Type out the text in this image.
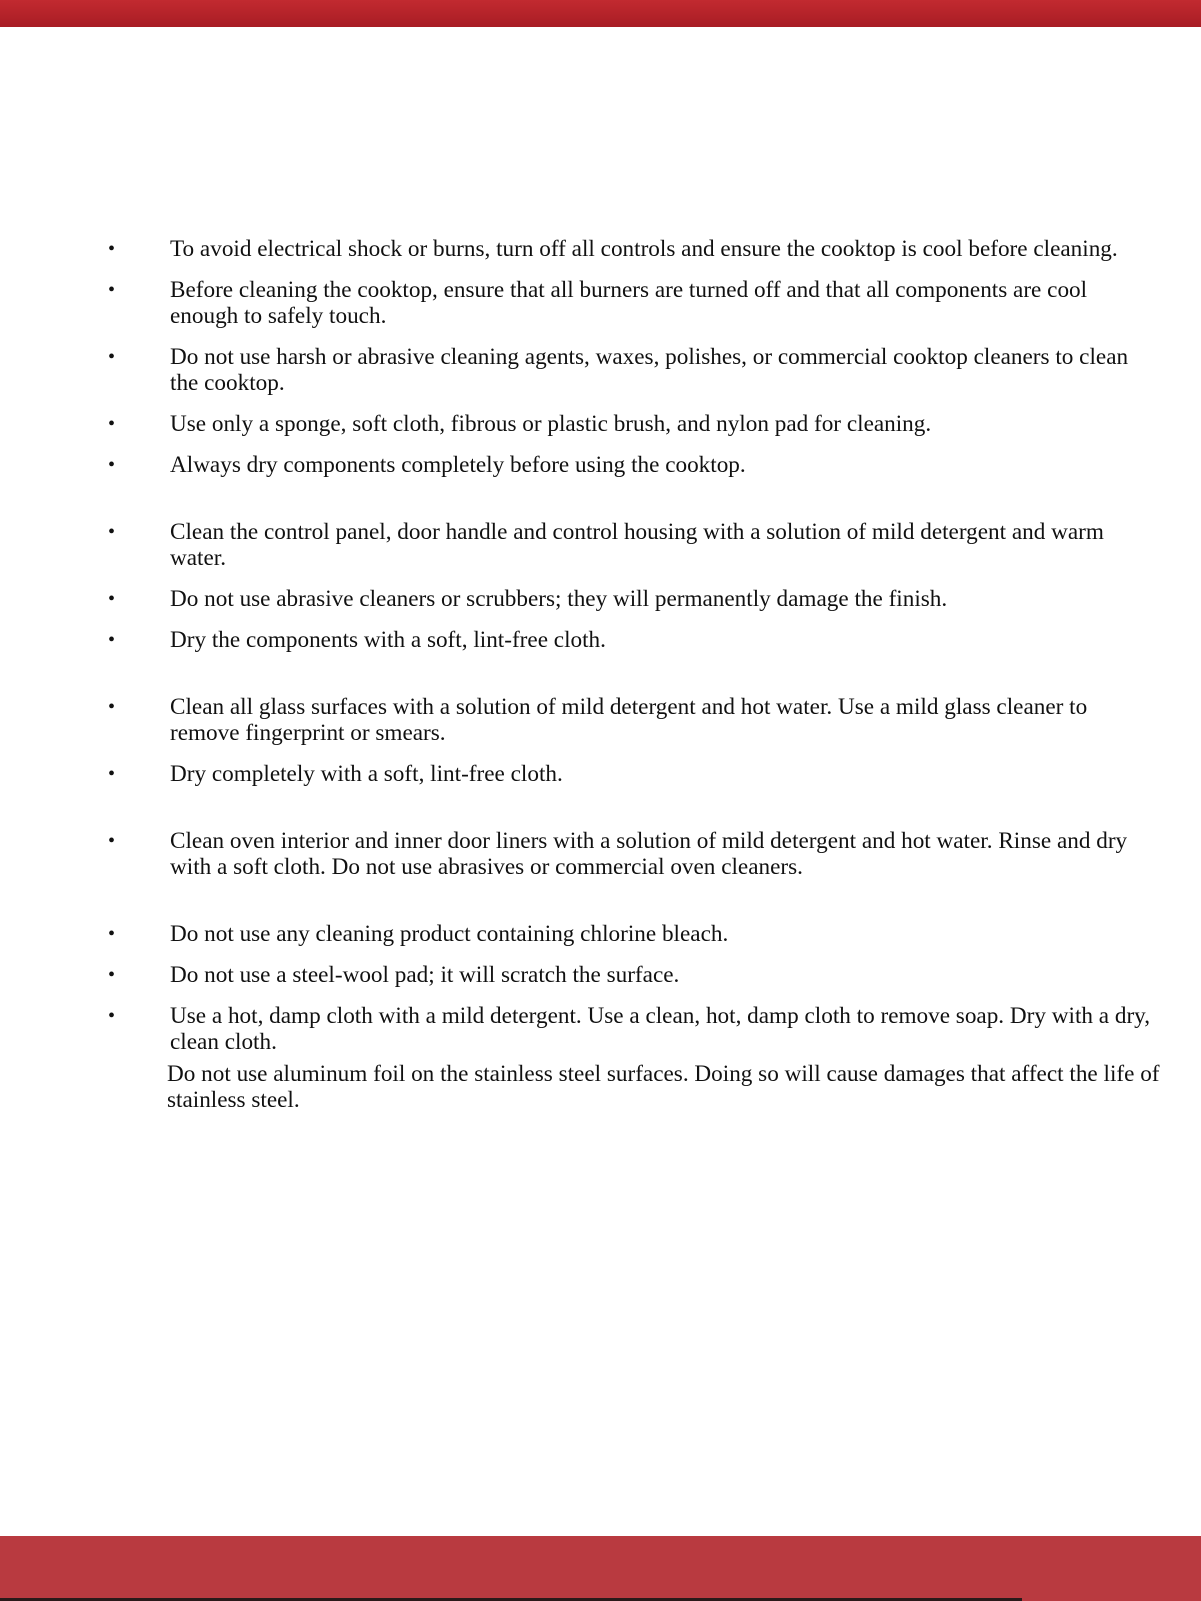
• To avoid electrical shock or burns, turn off all controls and ensure the cooktop is cool before cleaning.
• Before cleaning the cooktop, ensure that all burners are turned off and that all components are cool enough to safely touch.
• Do not use harsh or abrasive cleaning agents, waxes, polishes, or commercial cooktop cleaners to clean the cooktop.
• Use only a sponge, soft cloth, fibrous or plastic brush, and nylon pad for cleaning.
• Always dry components completely before using the cooktop.
• Clean the control panel, door handle and control housing with a solution of mild detergent and warm water.
• Do not use abrasive cleaners or scrubbers; they will permanently damage the finish.
• Dry the components with a soft, lint-free cloth.
• Clean all glass surfaces with a solution of mild detergent and hot water. Use a mild glass cleaner to remove fingerprint or smears.
• Dry completely with a soft, lint-free cloth.
• Clean oven interior and inner door liners with a solution of mild detergent and hot water. Rinse and dry with a soft cloth. Do not use abrasives or commercial oven cleaners.
• Do not use any cleaning product containing chlorine bleach.
• Do not use a steel-wool pad; it will scratch the surface.
• Use a hot, damp cloth with a mild detergent. Use a clean, hot, damp cloth to remove soap. Dry with a dry, clean cloth.
Do not use aluminum foil on the stainless steel surfaces. Doing so will cause damages that affect the life of stainless steel.
